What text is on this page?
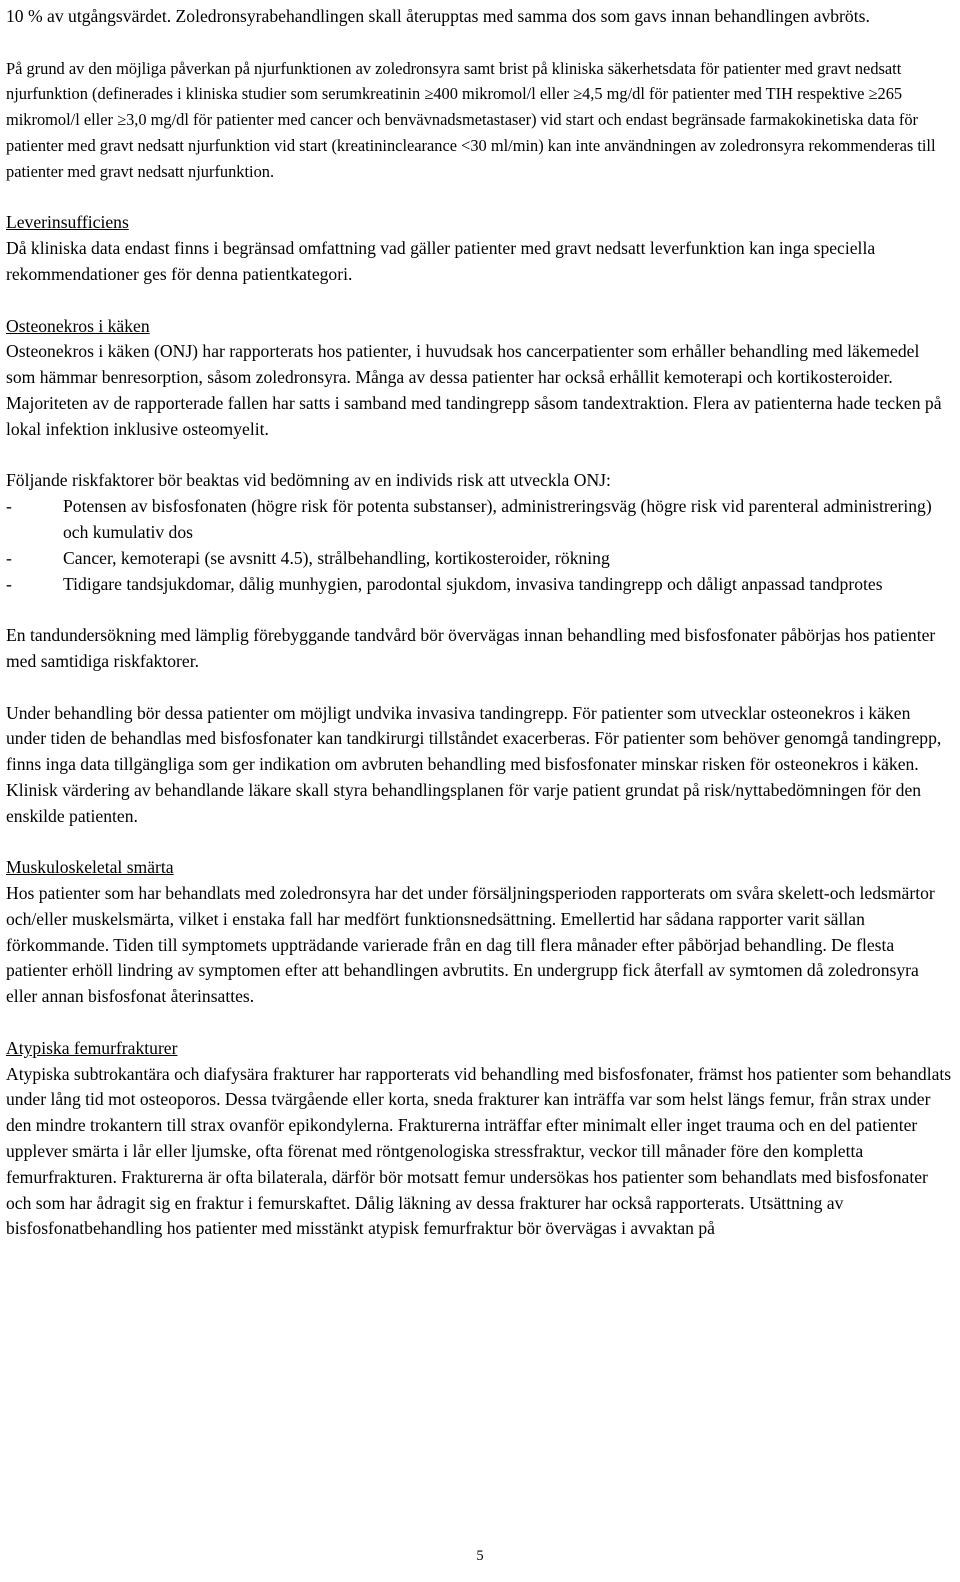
10 % av utgångsvärdet. Zoledronsyrabehandlingen skall återupptas med samma dos som gavs innan behandlingen avbröts.

På grund av den möjliga påverkan på njurfunktionen av zoledronsyra samt brist på kliniska säkerhetsdata för patienter med gravt nedsatt njurfunktion (definerades i kliniska studier som serumkreatinin ≥400 mikromol/l eller ≥4,5 mg/dl för patienter med TIH respektive ≥265 mikromol/l eller ≥3,0 mg/dl för patienter med cancer och benvävnadsmetastaser) vid start och endast begränsade farmakokinetiska data för patienter med gravt nedsatt njurfunktion vid start (kreatininclearance <30 ml/min) kan inte användningen av zoledronsyra rekommenderas till patienter med gravt nedsatt njurfunktion.

Leverinsufficiens

Då kliniska data endast finns i begränsad omfattning vad gäller patienter med gravt nedsatt leverfunktion kan inga speciella rekommendationer ges för denna patientkategori.

Osteonekros i käken

Osteonekros i käken (ONJ) har rapporterats hos patienter, i huvudsak hos cancerpatienter som erhåller behandling med läkemedel som hämmar benresorption, såsom zoledronsyra. Många av dessa patienter har också erhållit kemoterapi och kortikosteroider. Majoriteten av de rapporterade fallen har satts i samband med tandingrepp såsom tandextraktion. Flera av patienterna hade tecken på lokal infektion inklusive osteomyelit.

Följande riskfaktorer bör beaktas vid bedömning av en individs risk att utveckla ONJ:

-	Potensen av bisfosfonaten (högre risk för potenta substanser), administreringsväg (högre risk vid parenteral administrering) och kumulativ dos
-	Cancer, kemoterapi (se avsnitt 4.5), strålbehandling, kortikosteroider, rökning
-	Tidigare tandsjukdomar, dålig munhygien, parodontal sjukdom, invasiva tandingrepp och dåligt anpassad tandprotes

En tandundersökning med lämplig förebyggande tandvård bör övervägas innan behandling med bisfosfonater påbörjas hos patienter med samtidiga riskfaktorer.

Under behandling bör dessa patienter om möjligt undvika invasiva tandingrepp. För patienter som utvecklar osteonekros i käken under tiden de behandlas med bisfosfonater kan tandkirurgi tillståndet exacerberas. För patienter som behöver genomgå tandingrepp, finns inga data tillgängliga som ger indikation om avbruten behandling med bisfosfonater minskar risken för osteonekros i käken. Klinisk värdering av behandlande läkare skall styra behandlingsplanen för varje patient grundat på risk/nyttabedömningen för den enskilde patienten.

Muskuloskeletal smärta

Hos patienter som har behandlats med zoledronsyra har det under försäljningsperioden rapporterats om svåra skelett-och ledsmärtor och/eller muskelsmärta, vilket i enstaka fall har medfört funktionsnedsättning. Emellertid har sådana rapporter varit sällan förkommande. Tiden till symptomets uppträdande varierade från en dag till flera månader efter påbörjad behandling. De flesta patienter erhöll lindring av symptomen efter att behandlingen avbrutits. En undergrupp fick återfall av symtomen då zoledronsyra eller annan bisfosfonat återinsattes.

Atypiska femurfrakturer

Atypiska subtrokantära och diafysära frakturer har rapporterats vid behandling med bisfosfonater, främst hos patienter som behandlats under lång tid mot osteoporos. Dessa tvärgående eller korta, sneda frakturer kan inträffa var som helst längs femur, från strax under den mindre trokantern till strax ovanför epikondylerna. Frakturerna inträffar efter minimalt eller inget trauma och en del patienter upplever smärta i lår eller ljumske, ofta förenat med röntgenologiska stressfraktur, veckor till månader före den kompletta femurfrakturen. Frakturerna är ofta bilaterala, därför bör motsatt femur undersökas hos patienter som behandlats med bisfosfonater och som har ådragit sig en fraktur i femurskaftet. Dålig läkning av dessa frakturer har också rapporterats. Utsättning av bisfosfonatbehandling hos patienter med misstänkt atypisk femurfraktur bör övervägas i avvaktan på

5
